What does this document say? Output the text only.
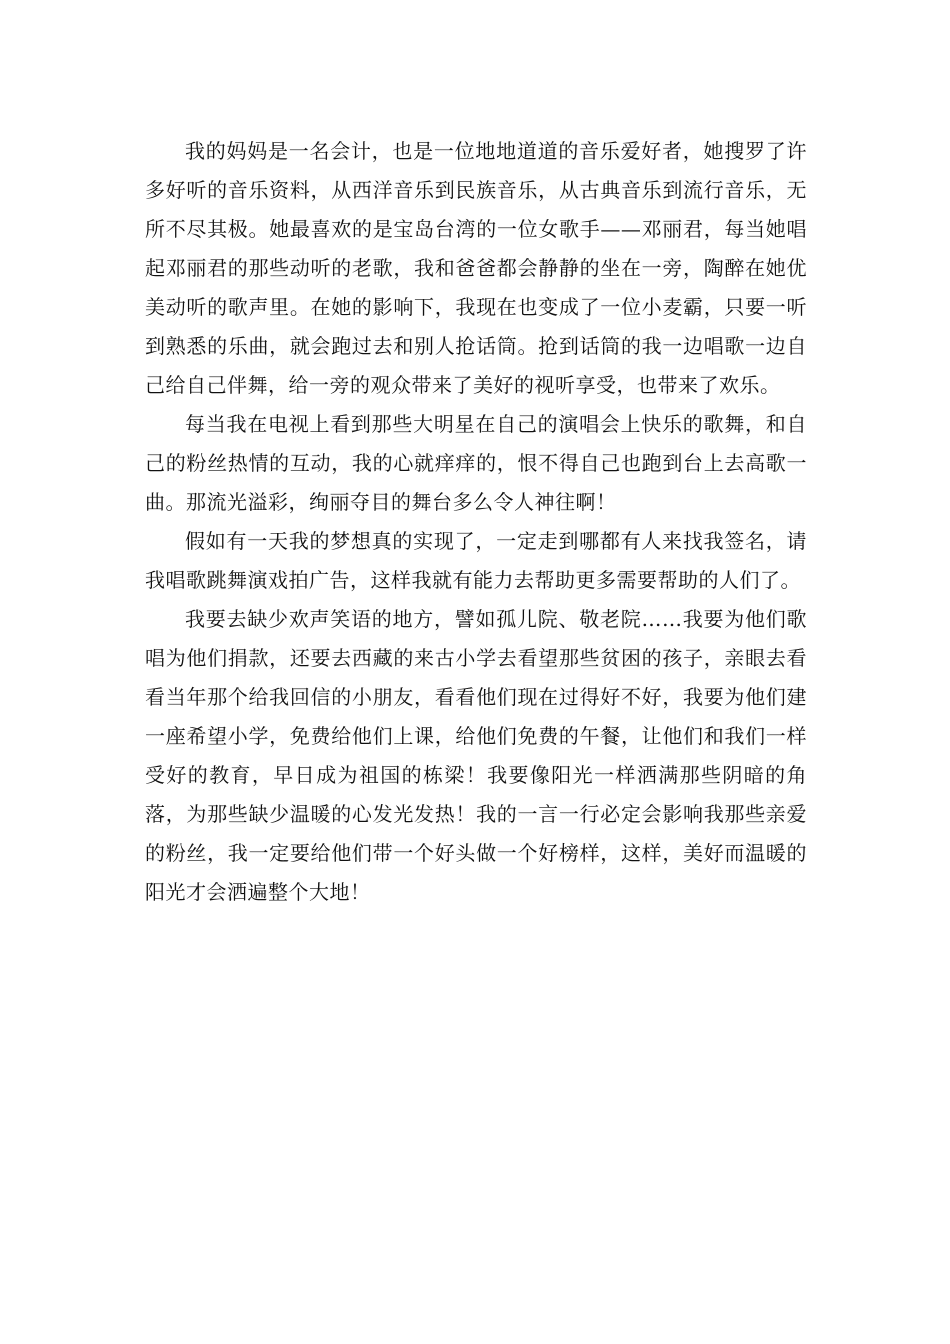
我的妈妈是一名会计，也是一位地地道道的音乐爱好者，她搜罗了许多好听的音乐资料，从西洋音乐到民族音乐，从古典音乐到流行音乐，无所不尽其极。她最喜欢的是宝岛台湾的一位女歌手——邓丽君，每当她唱起邓丽君的那些动听的老歌，我和爸爸都会静静的坐在一旁，陶醉在她优美动听的歌声里。在她的影响下，我现在也变成了一位小麦霸，只要一听到熟悉的乐曲，就会跑过去和别人抢话筒。抢到话筒的我一边唱歌一边自己给自己伴舞，给一旁的观众带来了美好的视听享受，也带来了欢乐。

每当我在电视上看到那些大明星在自己的演唱会上快乐的歌舞，和自己的粉丝热情的互动，我的心就痒痒的，恨不得自己也跑到台上去高歌一曲。那流光溢彩，绚丽夺目的舞台多么令人神往啊！

假如有一天我的梦想真的实现了，一定走到哪都有人来找我签名，请我唱歌跳舞演戏拍广告，这样我就有能力去帮助更多需要帮助的人们了。

我要去缺少欢声笑语的地方，譬如孤儿院、敬老院……我要为他们歌唱为他们捐款，还要去西藏的来古小学去看望那些贫困的孩子，亲眼去看看当年那个给我回信的小朋友，看看他们现在过得好不好，我要为他们建一座希望小学，免费给他们上课，给他们免费的午餐，让他们和我们一样受好的教育，早日成为祖国的栋梁！我要像阳光一样洒满那些阴暗的角落，为那些缺少温暖的心发光发热！我的一言一行必定会影响我那些亲爱的粉丝，我一定要给他们带一个好头做一个好榜样，这样，美好而温暖的阳光才会洒遍整个大地！
